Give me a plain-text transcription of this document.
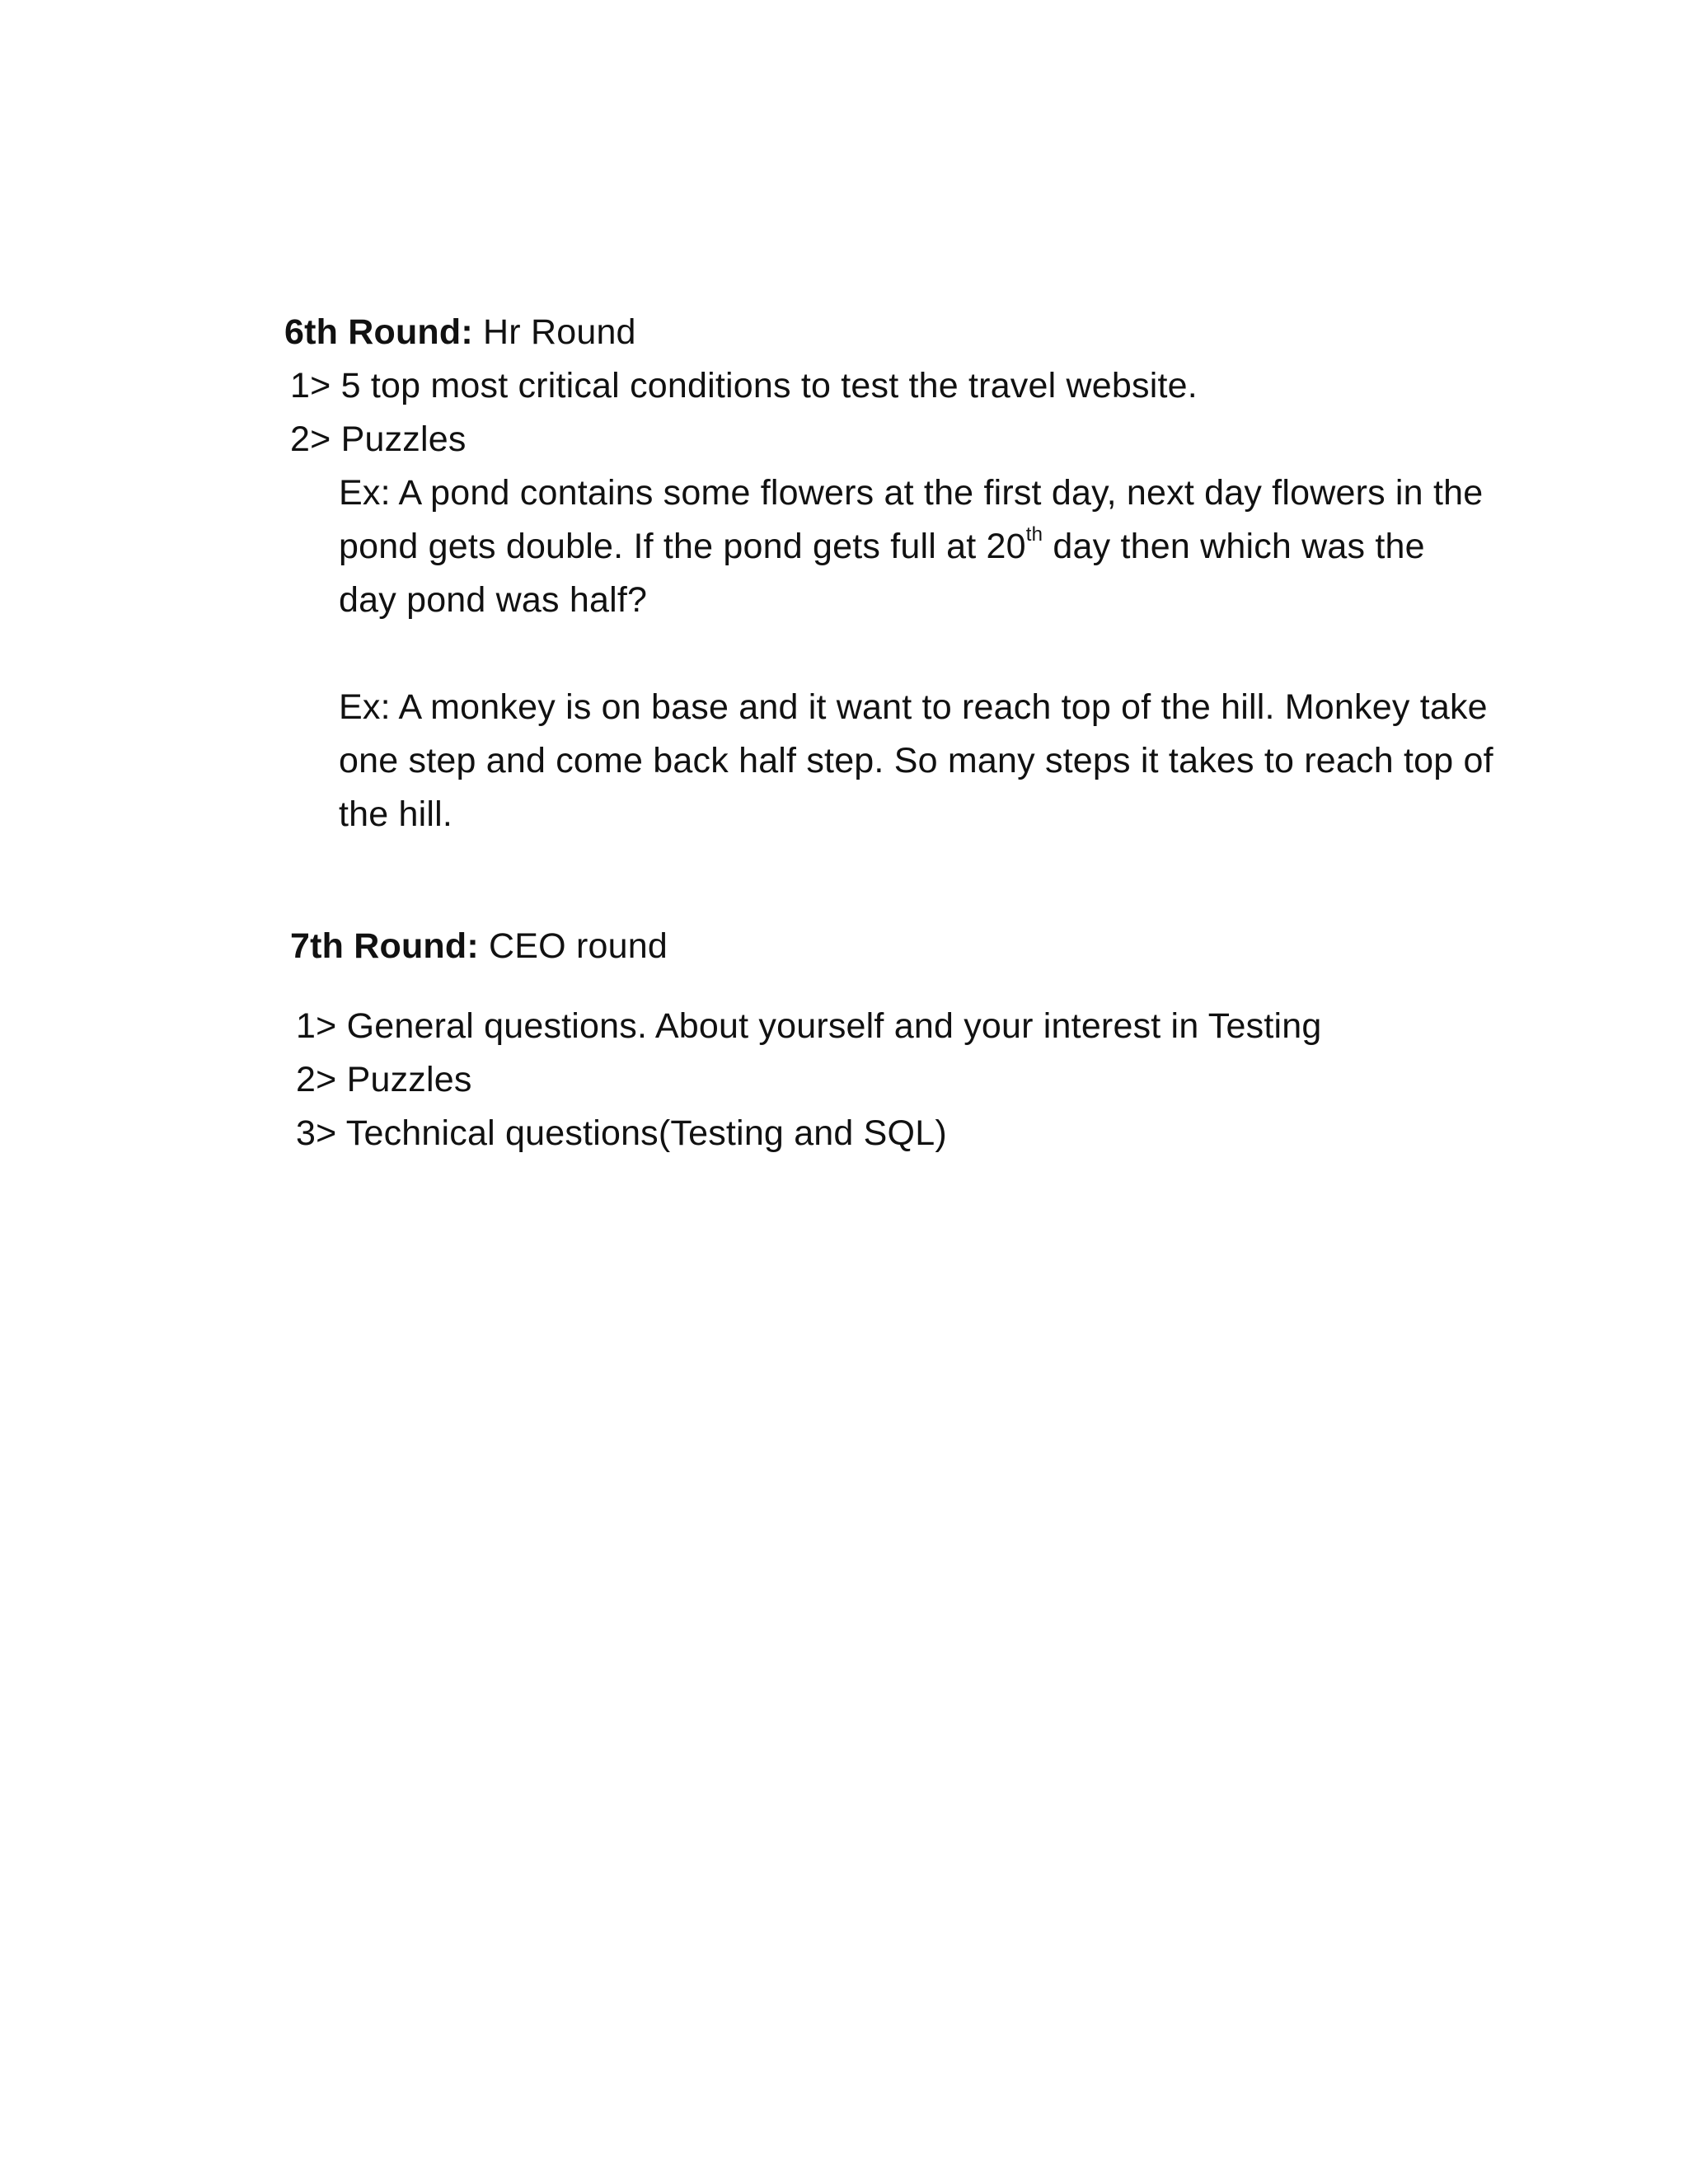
6th Round: Hr Round
1> 5 top most critical conditions to test the travel website.
2> Puzzles
Ex: A pond contains some flowers at the first day, next day flowers in the
pond gets double. If the pond gets full at 20th day then which was the
day pond was half?
Ex: A monkey is on base and it want to reach top of the hill. Monkey take
one step and come back half step. So many steps it takes to reach top of
the hill.
7th Round: CEO round
1> General questions. About yourself and your interest in Testing
2> Puzzles
3> Technical questions(Testing and SQL)
